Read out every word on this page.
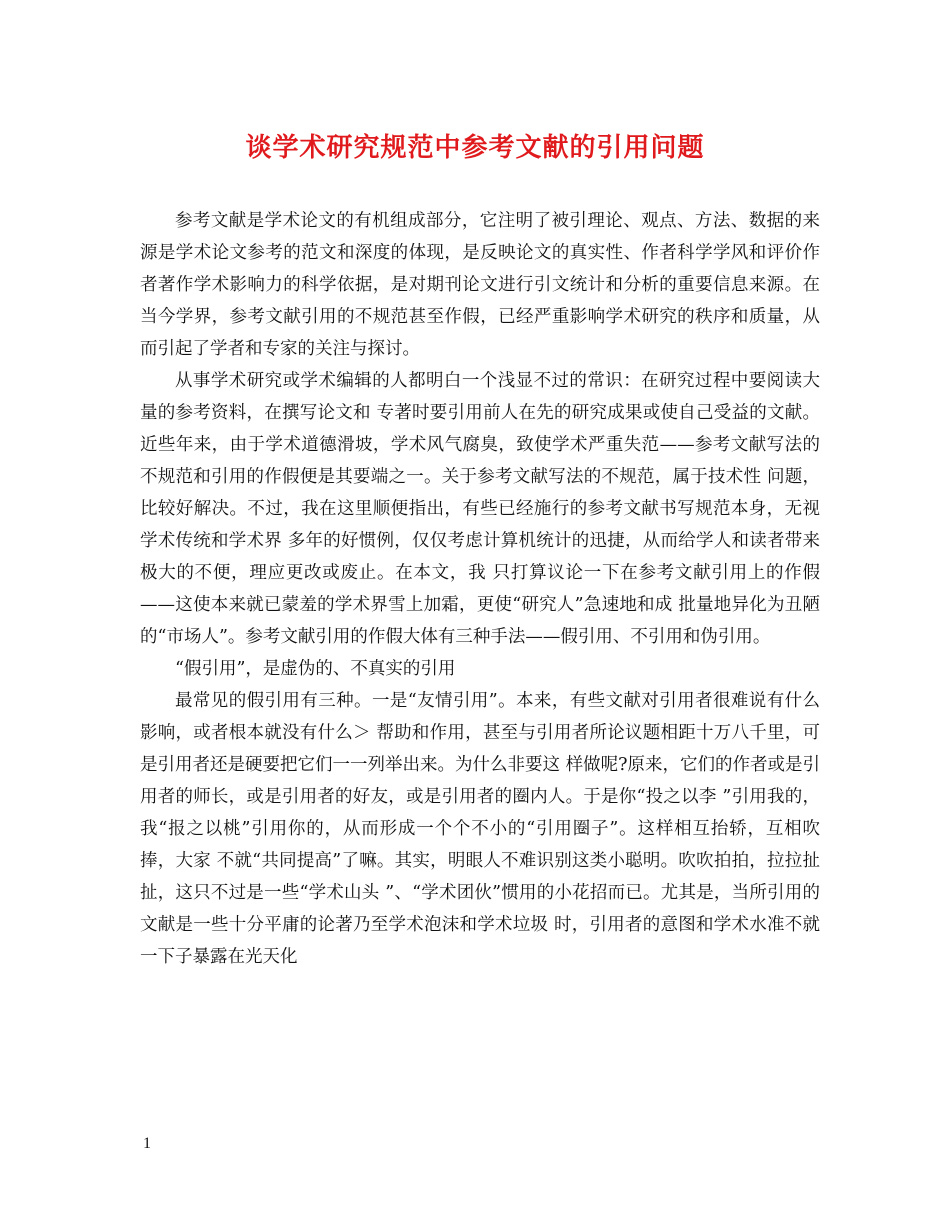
谈学术研究规范中参考文献的引用问题

参考文献是学术论文的有机组成部分，它注明了被引理论、观点、方法、数据的来源是学术论文参考的范文和深度的体现，是反映论文的真实性、作者科学学风和评价作者著作学术影响力的科学依据，是对期刊论文进行引文统计和分析的重要信息来源。在当今学界，参考文献引用的不规范甚至作假，已经严重影响学术研究的秩序和质量，从而引起了学者和专家的关注与探讨。

从事学术研究或学术编辑的人都明白一个浅显不过的常识：在研究过程中要阅读大量的参考资料，在撰写论文和 专著时要引用前人在先的研究成果或使自己受益的文献。近些年来，由于学术道德滑坡，学术风气腐臭，致使学术严重失范——参考文献写法的不规范和引用的作假便是其要端之一。关于参考文献写法的不规范，属于技术性 问题，比较好解决。不过，我在这里顺便指出，有些已经施行的参考文献书写规范本身，无视学术传统和学术界 多年的好惯例，仅仅考虑计算机统计的迅捷，从而给学人和读者带来极大的不便，理应更改或废止。在本文，我 只打算议论一下在参考文献引用上的作假——这使本来就已蒙羞的学术界雪上加霜，更使“研究人”急速地和成 批量地异化为丑陋的“市场人”。参考文献引用的作假大体有三种手法——假引用、不引用和伪引用。

“假引用”，是虚伪的、不真实的引用

最常见的假引用有三种。一是“友情引用”。本来，有些文献对引用者很难说有什么影响，或者根本就没有什么＞ 帮助和作用，甚至与引用者所论议题相距十万八千里，可是引用者还是硬要把它们一一列举出来。为什么非要这 样做呢?原来，它们的作者或是引用者的师长，或是引用者的好友，或是引用者的圈内人。于是你“投之以李 ”引用我的，我“报之以桃”引用你的，从而形成一个个不小的“引用圈子”。这样相互抬轿，互相吹捧，大家 不就“共同提高”了嘛。其实，明眼人不难识别这类小聪明。吹吹拍拍，拉拉扯扯，这只不过是一些“学术山头 ”、“学术团伙”惯用的小花招而已。尤其是，当所引用的文献是一些十分平庸的论著乃至学术泡沫和学术垃圾 时，引用者的意图和学术水准不就一下子暴露在光天化

1
